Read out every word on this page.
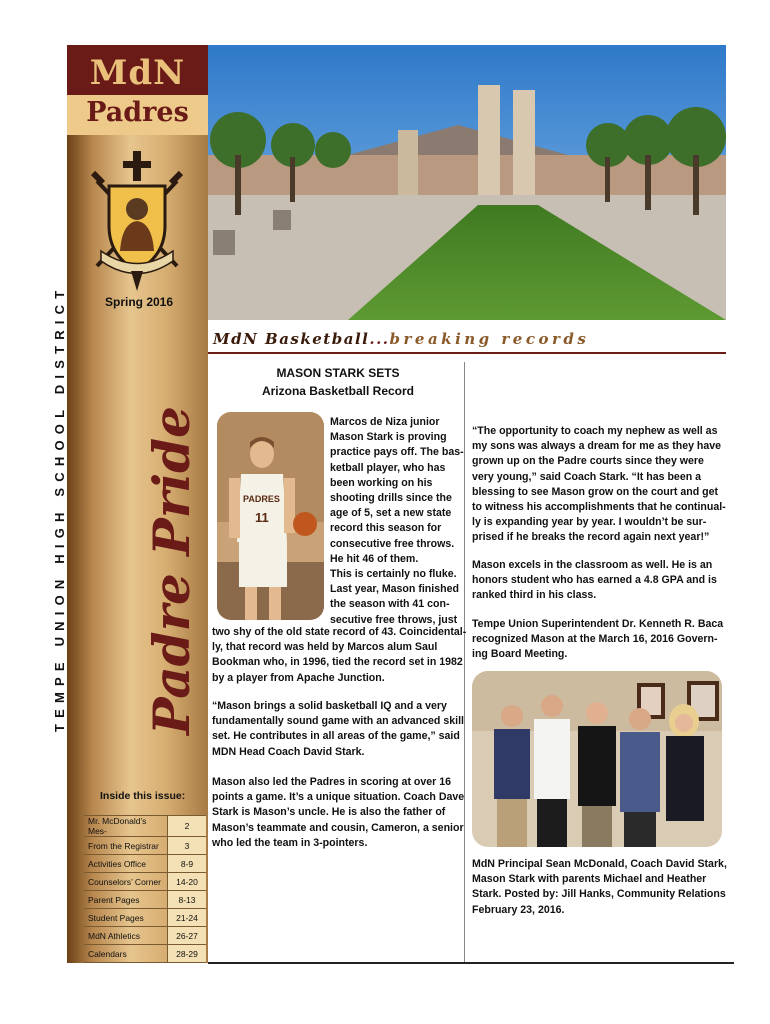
TEMPE UNION HIGH SCHOOL DISTRICT
MdN
Padres
Spring 2016
Padre Pride
Inside this issue:
Mr. McDonald’s Mes-	2
From the Registrar	3
Activities Office	8-9
Counselors’ Corner	14-20
Parent Pages	8-13
Student Pages	21-24
MdN Athletics	26-27
Calendars	28-29
MdN Basketball...breaking records
MASON STARK SETS
Arizona Basketball Record
PADRES
11
Marcos de Niza junior
Mason Stark is proving
practice pays off. The bas-
ketball player, who has
been working on his
shooting drills since the
age of 5, set a new state
record this season for
consecutive free throws.
He hit 46 of them.
This is certainly no fluke.
Last year, Mason finished
the season with 41 con-
secutive free throws, just
two shy of the old state record of 43. Coincidental-
ly, that record was held by Marcos alum Saul
Bookman who, in 1996, tied the record set in 1982
by a player from Apache Junction.
“Mason brings a solid basketball IQ and a very
fundamentally sound game with an advanced skill
set. He contributes in all areas of the game,” said
MDN Head Coach David Stark.
Mason also led the Padres in scoring at over 16
points a game. It’s a unique situation. Coach Dave
Stark is Mason’s uncle. He is also the father of
Mason’s teammate and cousin, Cameron, a senior
who led the team in 3-pointers.
“The opportunity to coach my nephew as well as
my sons was always a dream for me as they have
grown up on the Padre courts since they were
very young,” said Coach Stark. “It has been a
blessing to see Mason grow on the court and get
to witness his accomplishments that he continual-
ly is expanding year by year. I wouldn’t be sur-
prised if he breaks the record again next year!”
Mason excels in the classroom as well. He is an
honors student who has earned a 4.8 GPA and is
ranked third in his class.
Tempe Union Superintendent Dr. Kenneth R. Baca
recognized Mason at the March 16, 2016 Govern-
ing Board Meeting.
MdN Principal Sean McDonald, Coach David Stark,
Mason Stark with parents Michael and Heather
Stark. Posted by: Jill Hanks, Community Relations
February 23, 2016.
